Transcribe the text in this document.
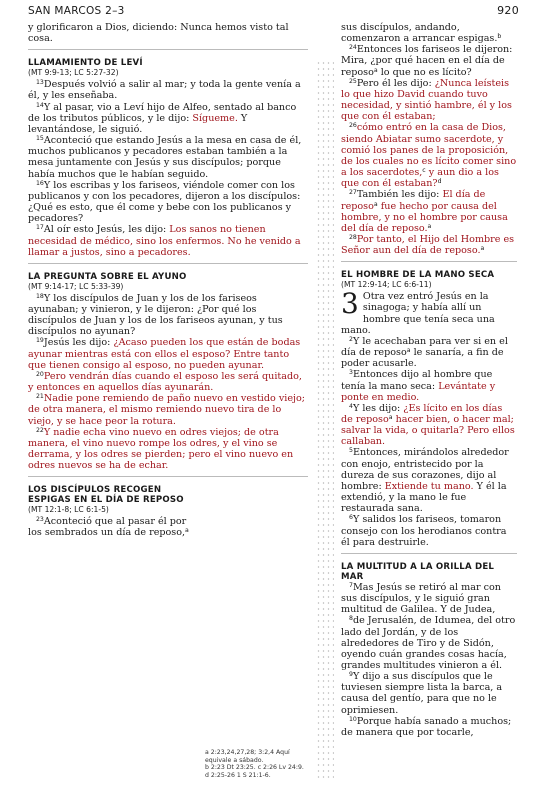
SAN MARCOS 2–3	920

y glorificaron a Dios, diciendo: Nunca hemos visto tal cosa.

LLAMAMIENTO DE LEVÍ
(MT 9:9-13; LC 5:27-32)

$^{13}$Después volvió a salir al mar; y toda la gente venía a él, y les enseñaba.

$^{14}$Y al pasar, vio a Leví hijo de Alfeo, sentado al banco de los tributos públicos, y le dijo: Sígueme. Y levantándose, le siguió.

$^{15}$Aconteció que estando Jesús a la mesa en casa de él, muchos publicanos y pecadores estaban también a la mesa juntamente con Jesús y sus discípulos; porque había muchos que le habían seguido.

$^{16}$Y los escribas y los fariseos, viéndole comer con los publicanos y con los pecadores, dijeron a los discípulos: ¿Qué es esto, que él come y bebe con los publicanos y pecadores?

$^{17}$Al oír esto Jesús, les dijo: Los sanos no tienen necesidad de médico, sino los enfermos. No he venido a llamar a justos, sino a pecadores.

LA PREGUNTA SOBRE EL AYUNO
(MT 9:14-17; LC 5:33-39)

$^{18}$Y los discípulos de Juan y los de los fariseos ayunaban; y vinieron, y le dijeron: ¿Por qué los discípulos de Juan y los de los fariseos ayunan, y tus discípulos no ayunan?

$^{19}$Jesús les dijo: ¿Acaso pueden los que están de bodas ayunar mientras está con ellos el esposo? Entre tanto que tienen consigo al esposo, no pueden ayunar.

$^{20}$Pero vendrán días cuando el esposo les será quitado, y entonces en aquellos días ayunarán.

$^{21}$Nadie pone remiendo de paño nuevo en vestido viejo; de otra manera, el mismo remiendo nuevo tira de lo viejo, y se hace peor la rotura.

$^{22}$Y nadie echa vino nuevo en odres viejos; de otra manera, el vino nuevo rompe los odres, y el vino se derrama, y los odres se pierden; pero el vino nuevo en odres nuevos se ha de echar.

LOS DISCÍPULOS RECOGEN ESPIGAS EN EL DÍA DE REPOSO
(MT 12:1-8; LC 6:1-5)

$^{23}$Aconteció que al pasar él por los sembrados un día de reposo,$^a$

a 2:23,24,27,28; 3:2,4 Aquí equivale a sábado.
b 2:23 Dt 23:25. c 2:26 Lv 24:9.
d 2:25-26 1 S 21:1-6.

sus discípulos, andando, comenzaron a arrancar espigas.$^b$

$^{24}$Entonces los fariseos le dijeron: Mira, ¿por qué hacen en el día de reposo$^a$ lo que no es lícito?

$^{25}$Pero él les dijo: ¿Nunca leísteis lo que hizo David cuando tuvo necesidad, y sintió hambre, él y los que con él estaban;

$^{26}$cómo entró en la casa de Dios, siendo Abiatar sumo sacerdote, y comió los panes de la proposición, de los cuales no es lícito comer sino a los sacerdotes,$^c$ y aun dio a los que con él estaban?$^d$

$^{27}$También les dijo: El día de reposo$^a$ fue hecho por causa del hombre, y no el hombre por causa del día de reposo.$^a$

$^{28}$Por tanto, el Hijo del Hombre es Señor aun del día de reposo.$^a$

EL HOMBRE DE LA MANO SECA
(MT 12:9-14; LC 6:6-11)

3 Otra vez entró Jesús en la sinagoga; y había allí un hombre que tenía seca una mano.

$^2$Y le acechaban para ver si en el día de reposo$^a$ le sanaría, a fin de poder acusarle.

$^3$Entonces dijo al hombre que tenía la mano seca: Levántate y ponte en medio.

$^4$Y les dijo: ¿Es lícito en los días de reposo$^a$ hacer bien, o hacer mal; salvar la vida, o quitarla? Pero ellos callaban.

$^5$Entonces, mirándolos alrededor con enojo, entristecido por la dureza de sus corazones, dijo al hombre: Extiende tu mano. Y él la extendió, y la mano le fue restaurada sana.

$^6$Y salidos los fariseos, tomaron consejo con los herodianos contra él para destruirle.

LA MULTITUD A LA ORILLA DEL MAR

$^7$Mas Jesús se retiró al mar con sus discípulos, y le siguió gran multitud de Galilea. Y de Judea,

$^8$de Jerusalén, de Idumea, del otro lado del Jordán, y de los alrededores de Tiro y de Sidón, oyendo cuán grandes cosas hacía, grandes multitudes vinieron a él.

$^9$Y dijo a sus discípulos que le tuviesen siempre lista la barca, a causa del gentío, para que no le oprimiesen.

$^{10}$Porque había sanado a muchos; de manera que por tocarle,
